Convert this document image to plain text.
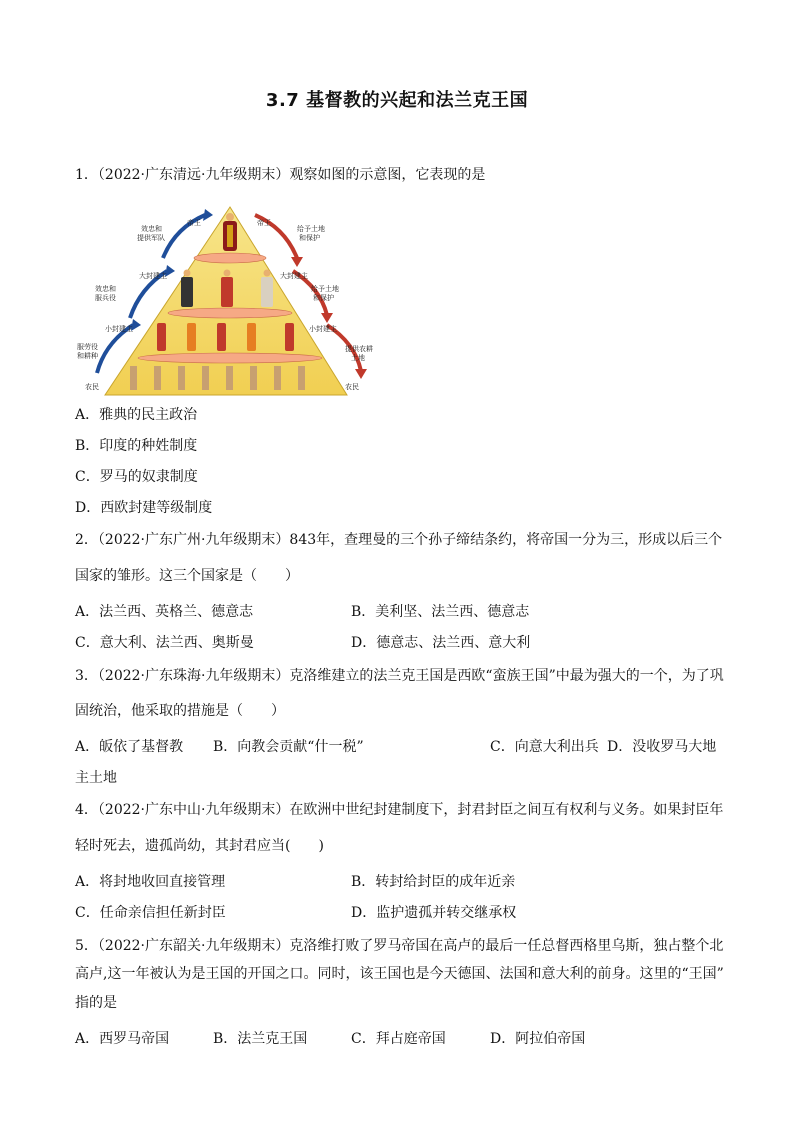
3.7 基督教的兴起和法兰克王国
1．（2022·广东清远·九年级期末）观察如图的示意图，它表现的是
帝王
效忠和
提供军队
大封建主
效忠和
服兵役
小封建主
服劳役
和耕种
农民
帝王
给予土地
和保护
大封建主
给予土地
和保护
小封建主
提供农耕
土地
农民
A．雅典的民主政治
B．印度的种姓制度
C．罗马的奴隶制度
D．西欧封建等级制度
2．（2022·广东广州·九年级期末）843年，查理曼的三个孙子缔结条约，将帝国一分为三，形成以后三个
国家的雏形。这三个国家是（　　）
A．法兰西、英格兰、德意志	B．美利坚、法兰西、德意志
C．意大利、法兰西、奥斯曼	D．德意志、法兰西、意大利
3．（2022·广东珠海·九年级期末）克洛维建立的法兰克王国是西欧“蛮族王国”中最为强大的一个，为了巩
固统治，他采取的措施是（　　）
A．皈依了基督教 B．向教会贡献“什一税”	C．向意大利出兵 D．没收罗马大地
主土地
4．（2022·广东中山·九年级期末）在欧洲中世纪封建制度下，封君封臣之间互有权利与义务。如果封臣年
轻时死去，遗孤尚幼，其封君应当(　　)
A．将封地收回直接管理	B．转封给封臣的成年近亲
C．任命亲信担任新封臣	D．监护遗孤并转交继承权
5．（2022·广东韶关·九年级期末）克洛维打败了罗马帝国在高卢的最后一任总督西格里乌斯，独占整个北
高卢,这一年被认为是王国的开国之口。同时，该王国也是今天德国、法国和意大利的前身。这里的“王国”
指的是
A．西罗马帝国	B．法兰克王国	C．拜占庭帝国	D．阿拉伯帝国
